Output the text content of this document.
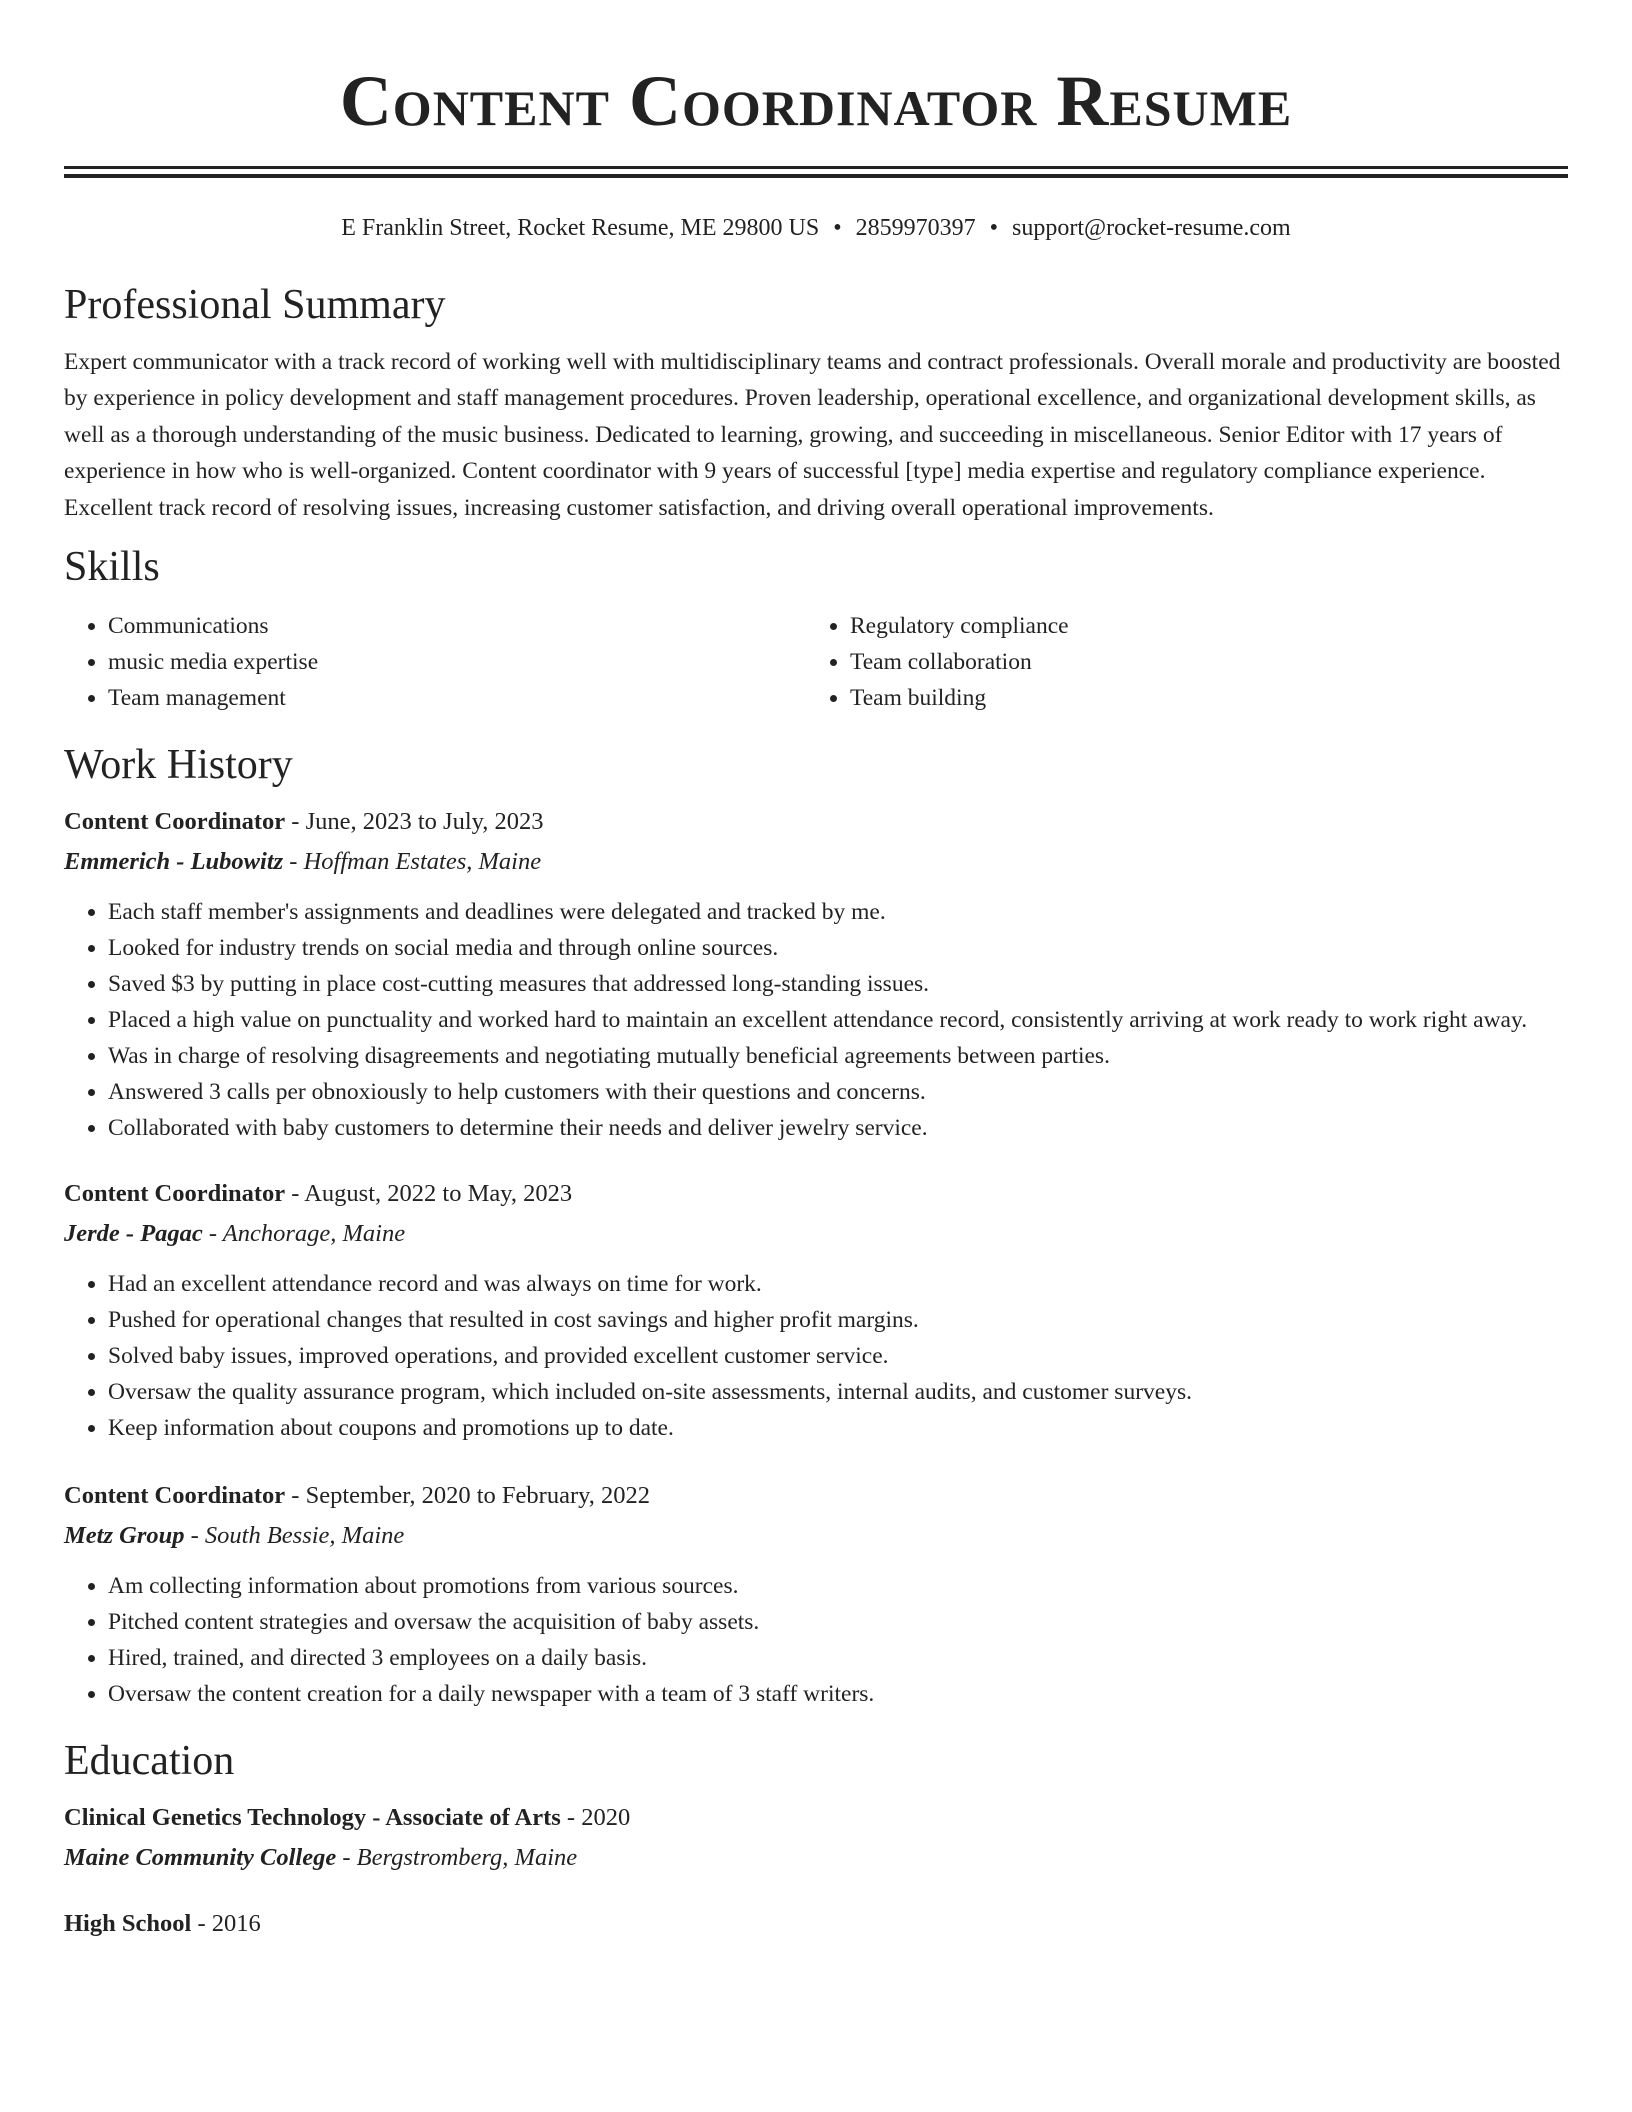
Content Coordinator Resume
E Franklin Street, Rocket Resume, ME 29800 US • 2859970397 • support@rocket-resume.com
Professional Summary

Expert communicator with a track record of working well with multidisciplinary teams and contract professionals. Overall morale and productivity are boosted by experience in policy development and staff management procedures. Proven leadership, operational excellence, and organizational development skills, as well as a thorough understanding of the music business. Dedicated to learning, growing, and succeeding in miscellaneous. Senior Editor with 17 years of experience in how who is well-organized. Content coordinator with 9 years of successful [type] media expertise and regulatory compliance experience. Excellent track record of resolving issues, increasing customer satisfaction, and driving overall operational improvements.

Skills
• Communications
• music media expertise
• Team management
• Regulatory compliance
• Team collaboration
• Team building
Work History
Content Coordinator - June, 2023 to July, 2023
Emmerich - Lubowitz - Hoffman Estates, Maine
• Each staff member's assignments and deadlines were delegated and tracked by me.
• Looked for industry trends on social media and through online sources.
• Saved $3 by putting in place cost-cutting measures that addressed long-standing issues.
• Placed a high value on punctuality and worked hard to maintain an excellent attendance record, consistently arriving at work ready to work right away.
• Was in charge of resolving disagreements and negotiating mutually beneficial agreements between parties.
• Answered 3 calls per obnoxiously to help customers with their questions and concerns.
• Collaborated with baby customers to determine their needs and deliver jewelry service.
Content Coordinator - August, 2022 to May, 2023
Jerde - Pagac - Anchorage, Maine
• Had an excellent attendance record and was always on time for work.
• Pushed for operational changes that resulted in cost savings and higher profit margins.
• Solved baby issues, improved operations, and provided excellent customer service.
• Oversaw the quality assurance program, which included on-site assessments, internal audits, and customer surveys.
• Keep information about coupons and promotions up to date.
Content Coordinator - September, 2020 to February, 2022
Metz Group - South Bessie, Maine
• Am collecting information about promotions from various sources.
• Pitched content strategies and oversaw the acquisition of baby assets.
• Hired, trained, and directed 3 employees on a daily basis.
• Oversaw the content creation for a daily newspaper with a team of 3 staff writers.
Education
Clinical Genetics Technology - Associate of Arts - 2020
Maine Community College - Bergstromberg, Maine
High School - 2016
